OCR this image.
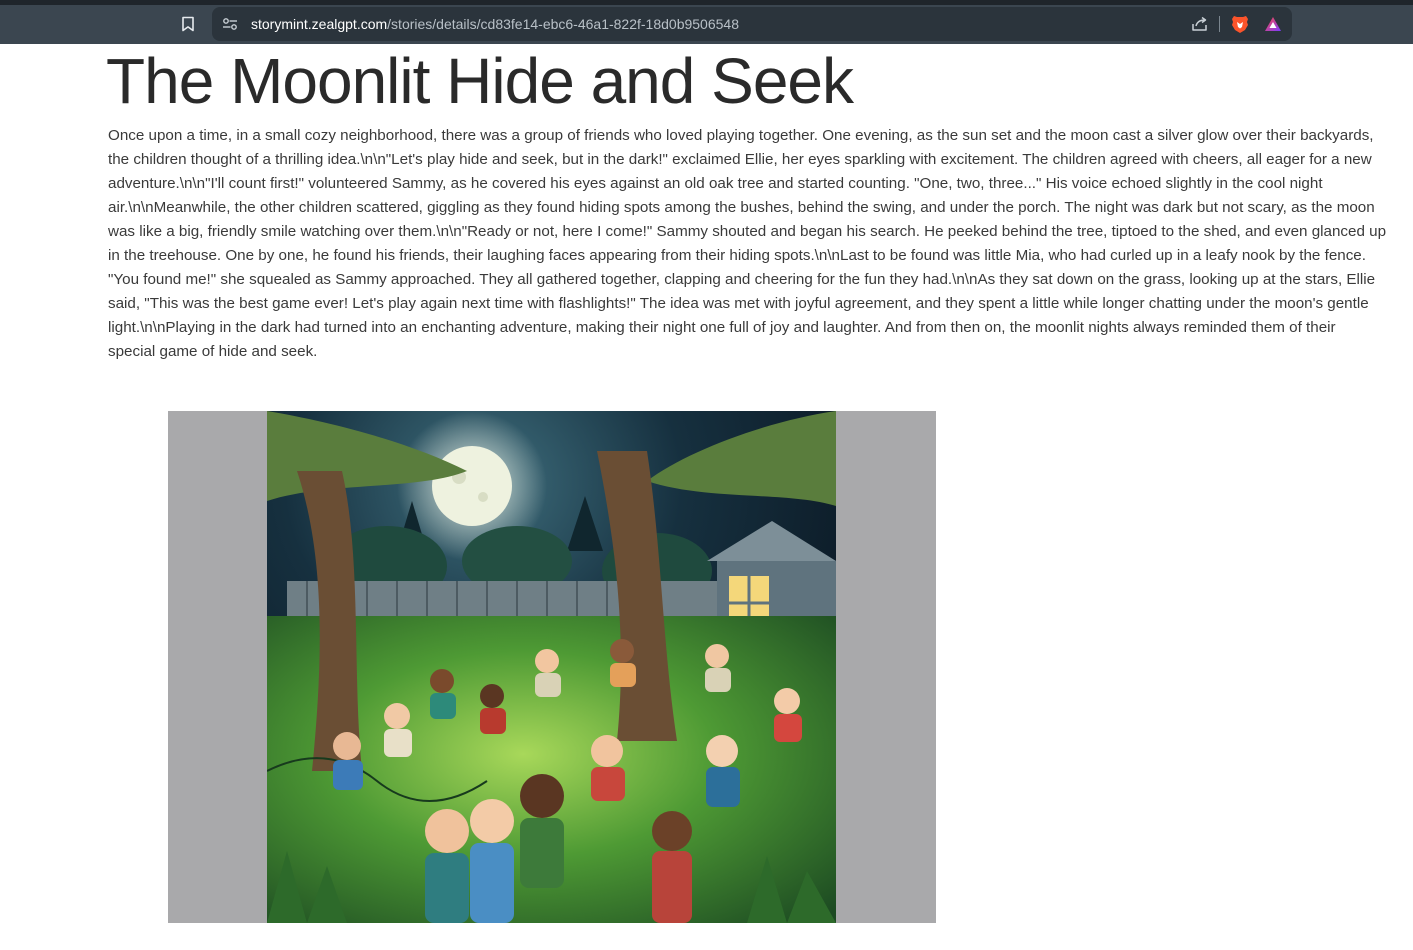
storymint.zealgpt.com/stories/details/cd83fe14-ebc6-46a1-822f-18d0b9506548
The Moonlit Hide and Seek

Once upon a time, in a small cozy neighborhood, there was a group of friends who loved playing together. One evening, as the sun set and the moon cast a silver glow over their backyards, the children thought of a thrilling idea.\n\n"Let's play hide and seek, but in the dark!" exclaimed Ellie, her eyes sparkling with excitement. The children agreed with cheers, all eager for a new adventure.\n\n"I'll count first!" volunteered Sammy, as he covered his eyes against an old oak tree and started counting. "One, two, three..." His voice echoed slightly in the cool night air.\n\nMeanwhile, the other children scattered, giggling as they found hiding spots among the bushes, behind the swing, and under the porch. The night was dark but not scary, as the moon was like a big, friendly smile watching over them.\n\n"Ready or not, here I come!" Sammy shouted and began his search. He peeked behind the tree, tiptoed to the shed, and even glanced up in the treehouse. One by one, he found his friends, their laughing faces appearing from their hiding spots.\n\nLast to be found was little Mia, who had curled up in a leafy nook by the fence. "You found me!" she squealed as Sammy approached. They all gathered together, clapping and cheering for the fun they had.\n\nAs they sat down on the grass, looking up at the stars, Ellie said, "This was the best game ever! Let's play again next time with flashlights!" The idea was met with joyful agreement, and they spent a little while longer chatting under the moon's gentle light.\n\nPlaying in the dark had turned into an enchanting adventure, making their night one full of joy and laughter. And from then on, the moonlit nights always reminded them of their special game of hide and seek.
